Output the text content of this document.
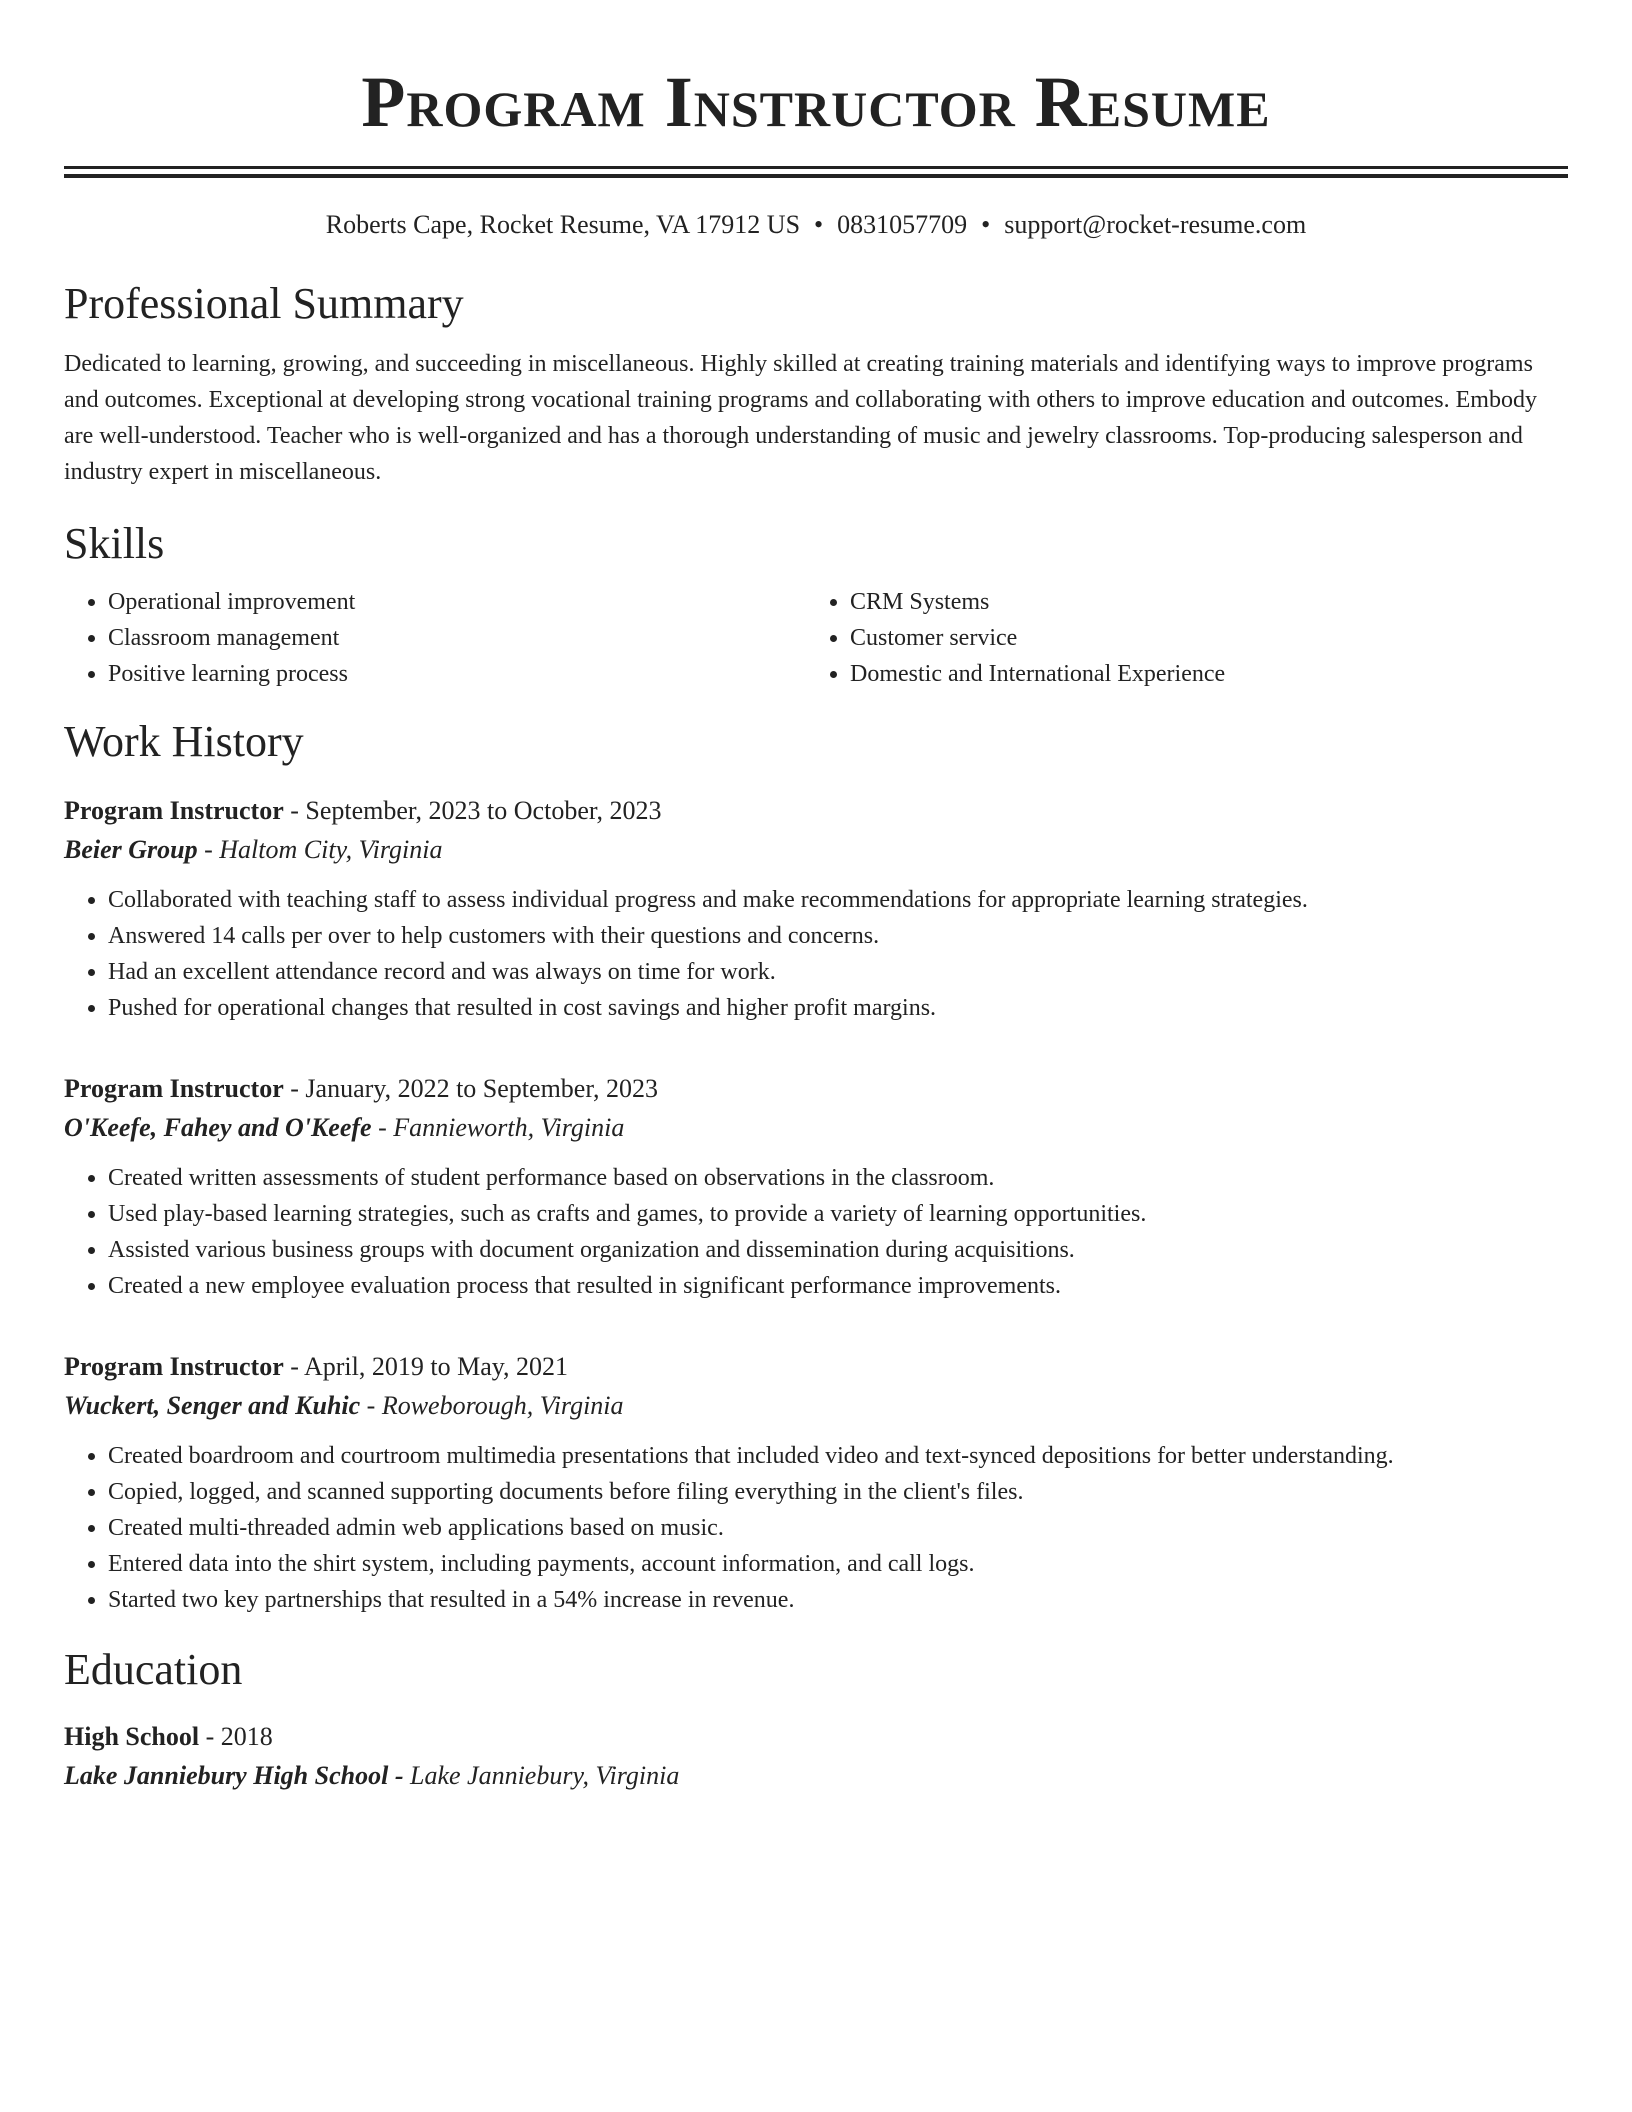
Program Instructor Resume
Roberts Cape, Rocket Resume, VA 17912 US • 0831057709 • support@rocket-resume.com
Professional Summary
Dedicated to learning, growing, and succeeding in miscellaneous. Highly skilled at creating training materials and identifying ways to improve programs and outcomes. Exceptional at developing strong vocational training programs and collaborating with others to improve education and outcomes. Embody are well-understood. Teacher who is well-organized and has a thorough understanding of music and jewelry classrooms. Top-producing salesperson and industry expert in miscellaneous.
Skills
• Operational improvement
• Classroom management
• Positive learning process
• CRM Systems
• Customer service
• Domestic and International Experience
Work History
Program Instructor - September, 2023 to October, 2023
Beier Group - Haltom City, Virginia
• Collaborated with teaching staff to assess individual progress and make recommendations for appropriate learning strategies.
• Answered 14 calls per over to help customers with their questions and concerns.
• Had an excellent attendance record and was always on time for work.
• Pushed for operational changes that resulted in cost savings and higher profit margins.
Program Instructor - January, 2022 to September, 2023
O'Keefe, Fahey and O'Keefe - Fannieworth, Virginia
• Created written assessments of student performance based on observations in the classroom.
• Used play-based learning strategies, such as crafts and games, to provide a variety of learning opportunities.
• Assisted various business groups with document organization and dissemination during acquisitions.
• Created a new employee evaluation process that resulted in significant performance improvements.
Program Instructor - April, 2019 to May, 2021
Wuckert, Senger and Kuhic - Roweborough, Virginia
• Created boardroom and courtroom multimedia presentations that included video and text-synced depositions for better understanding.
• Copied, logged, and scanned supporting documents before filing everything in the client's files.
• Created multi-threaded admin web applications based on music.
• Entered data into the shirt system, including payments, account information, and call logs.
• Started two key partnerships that resulted in a 54% increase in revenue.
Education
High School - 2018
Lake Janniebury High School - Lake Janniebury, Virginia
